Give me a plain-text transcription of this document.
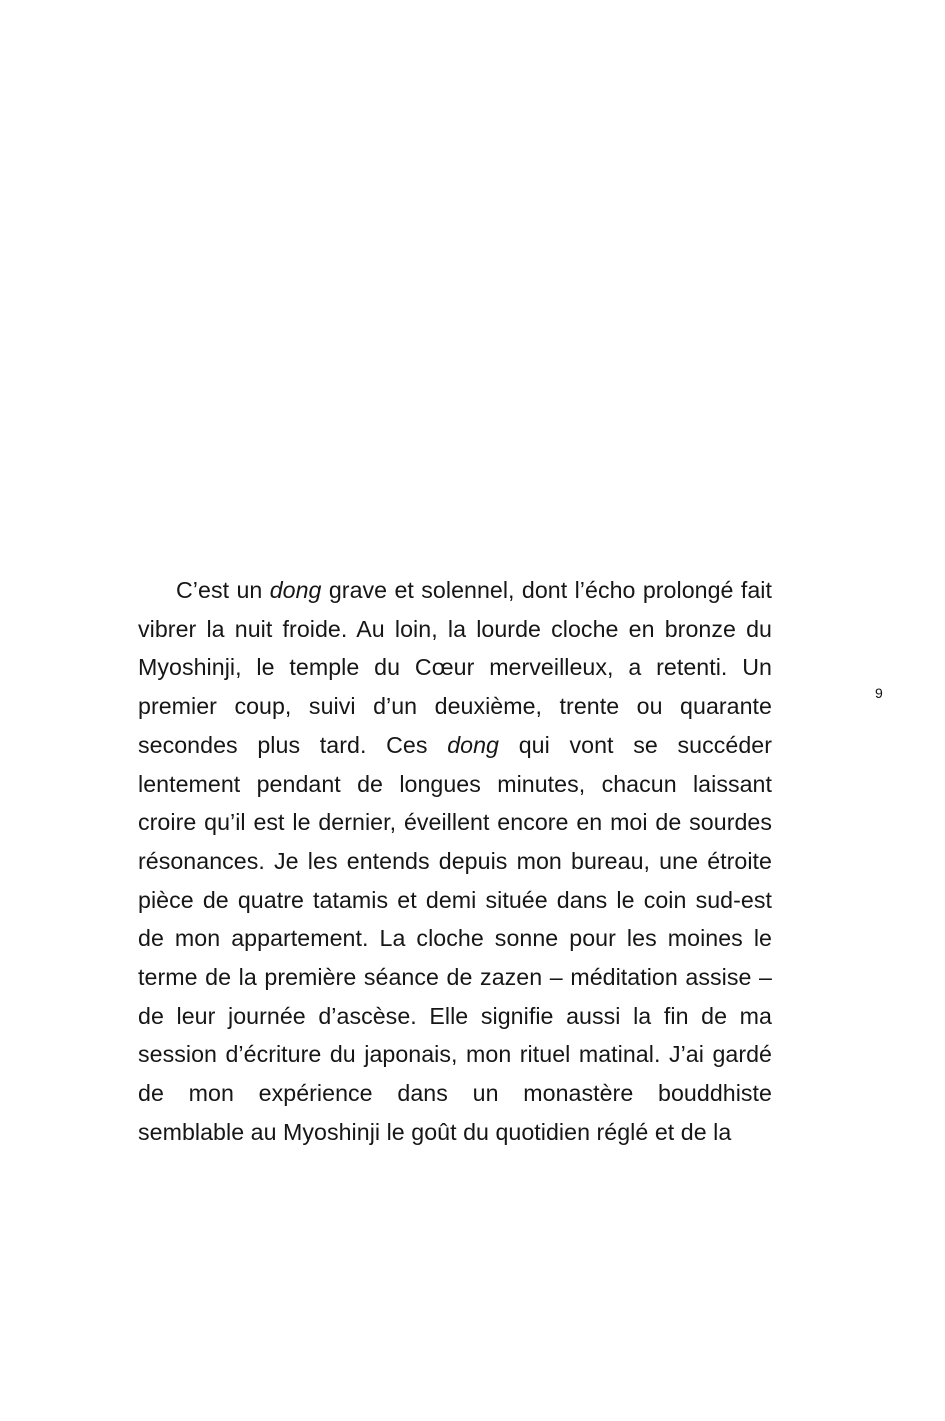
9

C’est un dong grave et solennel, dont l’écho prolongé fait vibrer la nuit froide. Au loin, la lourde cloche en bronze du Myoshinji, le temple du Cœur merveilleux, a retenti. Un premier coup, suivi d’un deuxième, trente ou quarante secondes plus tard. Ces dong qui vont se succéder lentement pendant de longues minutes, chacun laissant croire qu’il est le dernier, éveillent encore en moi de sourdes résonances. Je les entends depuis mon bureau, une étroite pièce de quatre tatamis et demi située dans le coin sud-est de mon appartement. La cloche sonne pour les moines le terme de la première séance de zazen – méditation assise – de leur journée d’ascèse. Elle signifie aussi la fin de ma session d’écriture du japonais, mon rituel matinal. J’ai gardé de mon expérience dans un monastère bouddhiste semblable au Myoshinji le goût du quotidien réglé et de la
